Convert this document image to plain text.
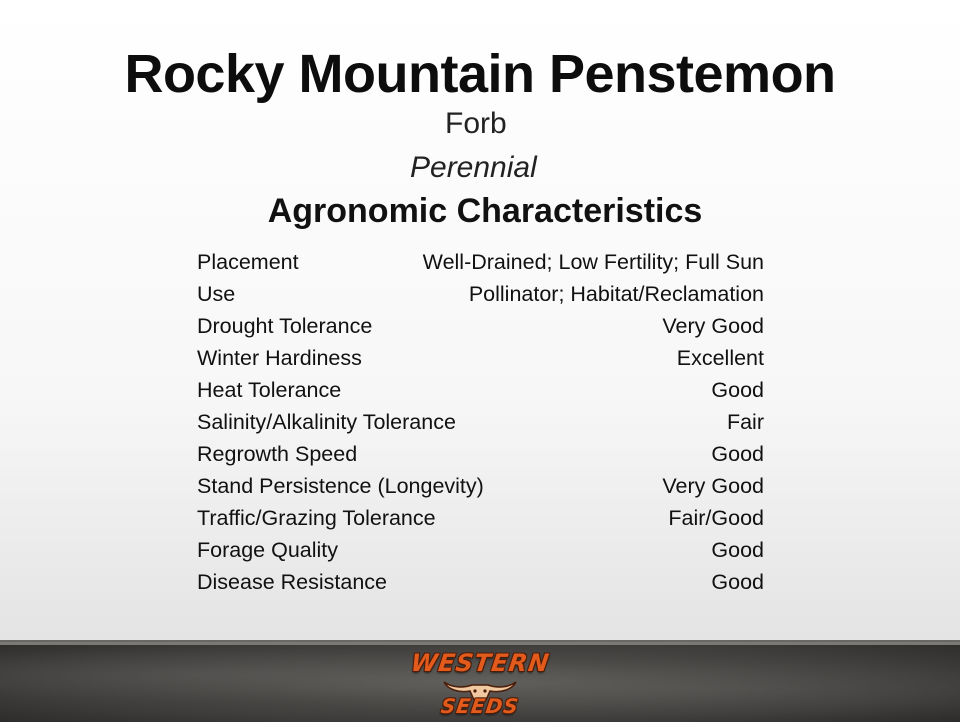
Rocky Mountain Penstemon
Forb
Perennial
Agronomic Characteristics
Placement	Well-Drained; Low Fertility; Full Sun
Use	Pollinator; Habitat/Reclamation
Drought Tolerance	Very Good
Winter Hardiness	Excellent
Heat Tolerance	Good
Salinity/Alkalinity Tolerance	Fair
Regrowth Speed	Good
Stand Persistence (Longevity)	Very Good
Traffic/Grazing Tolerance	Fair/Good
Forage Quality	Good
Disease Resistance	Good
WESTERN
SEEDS
